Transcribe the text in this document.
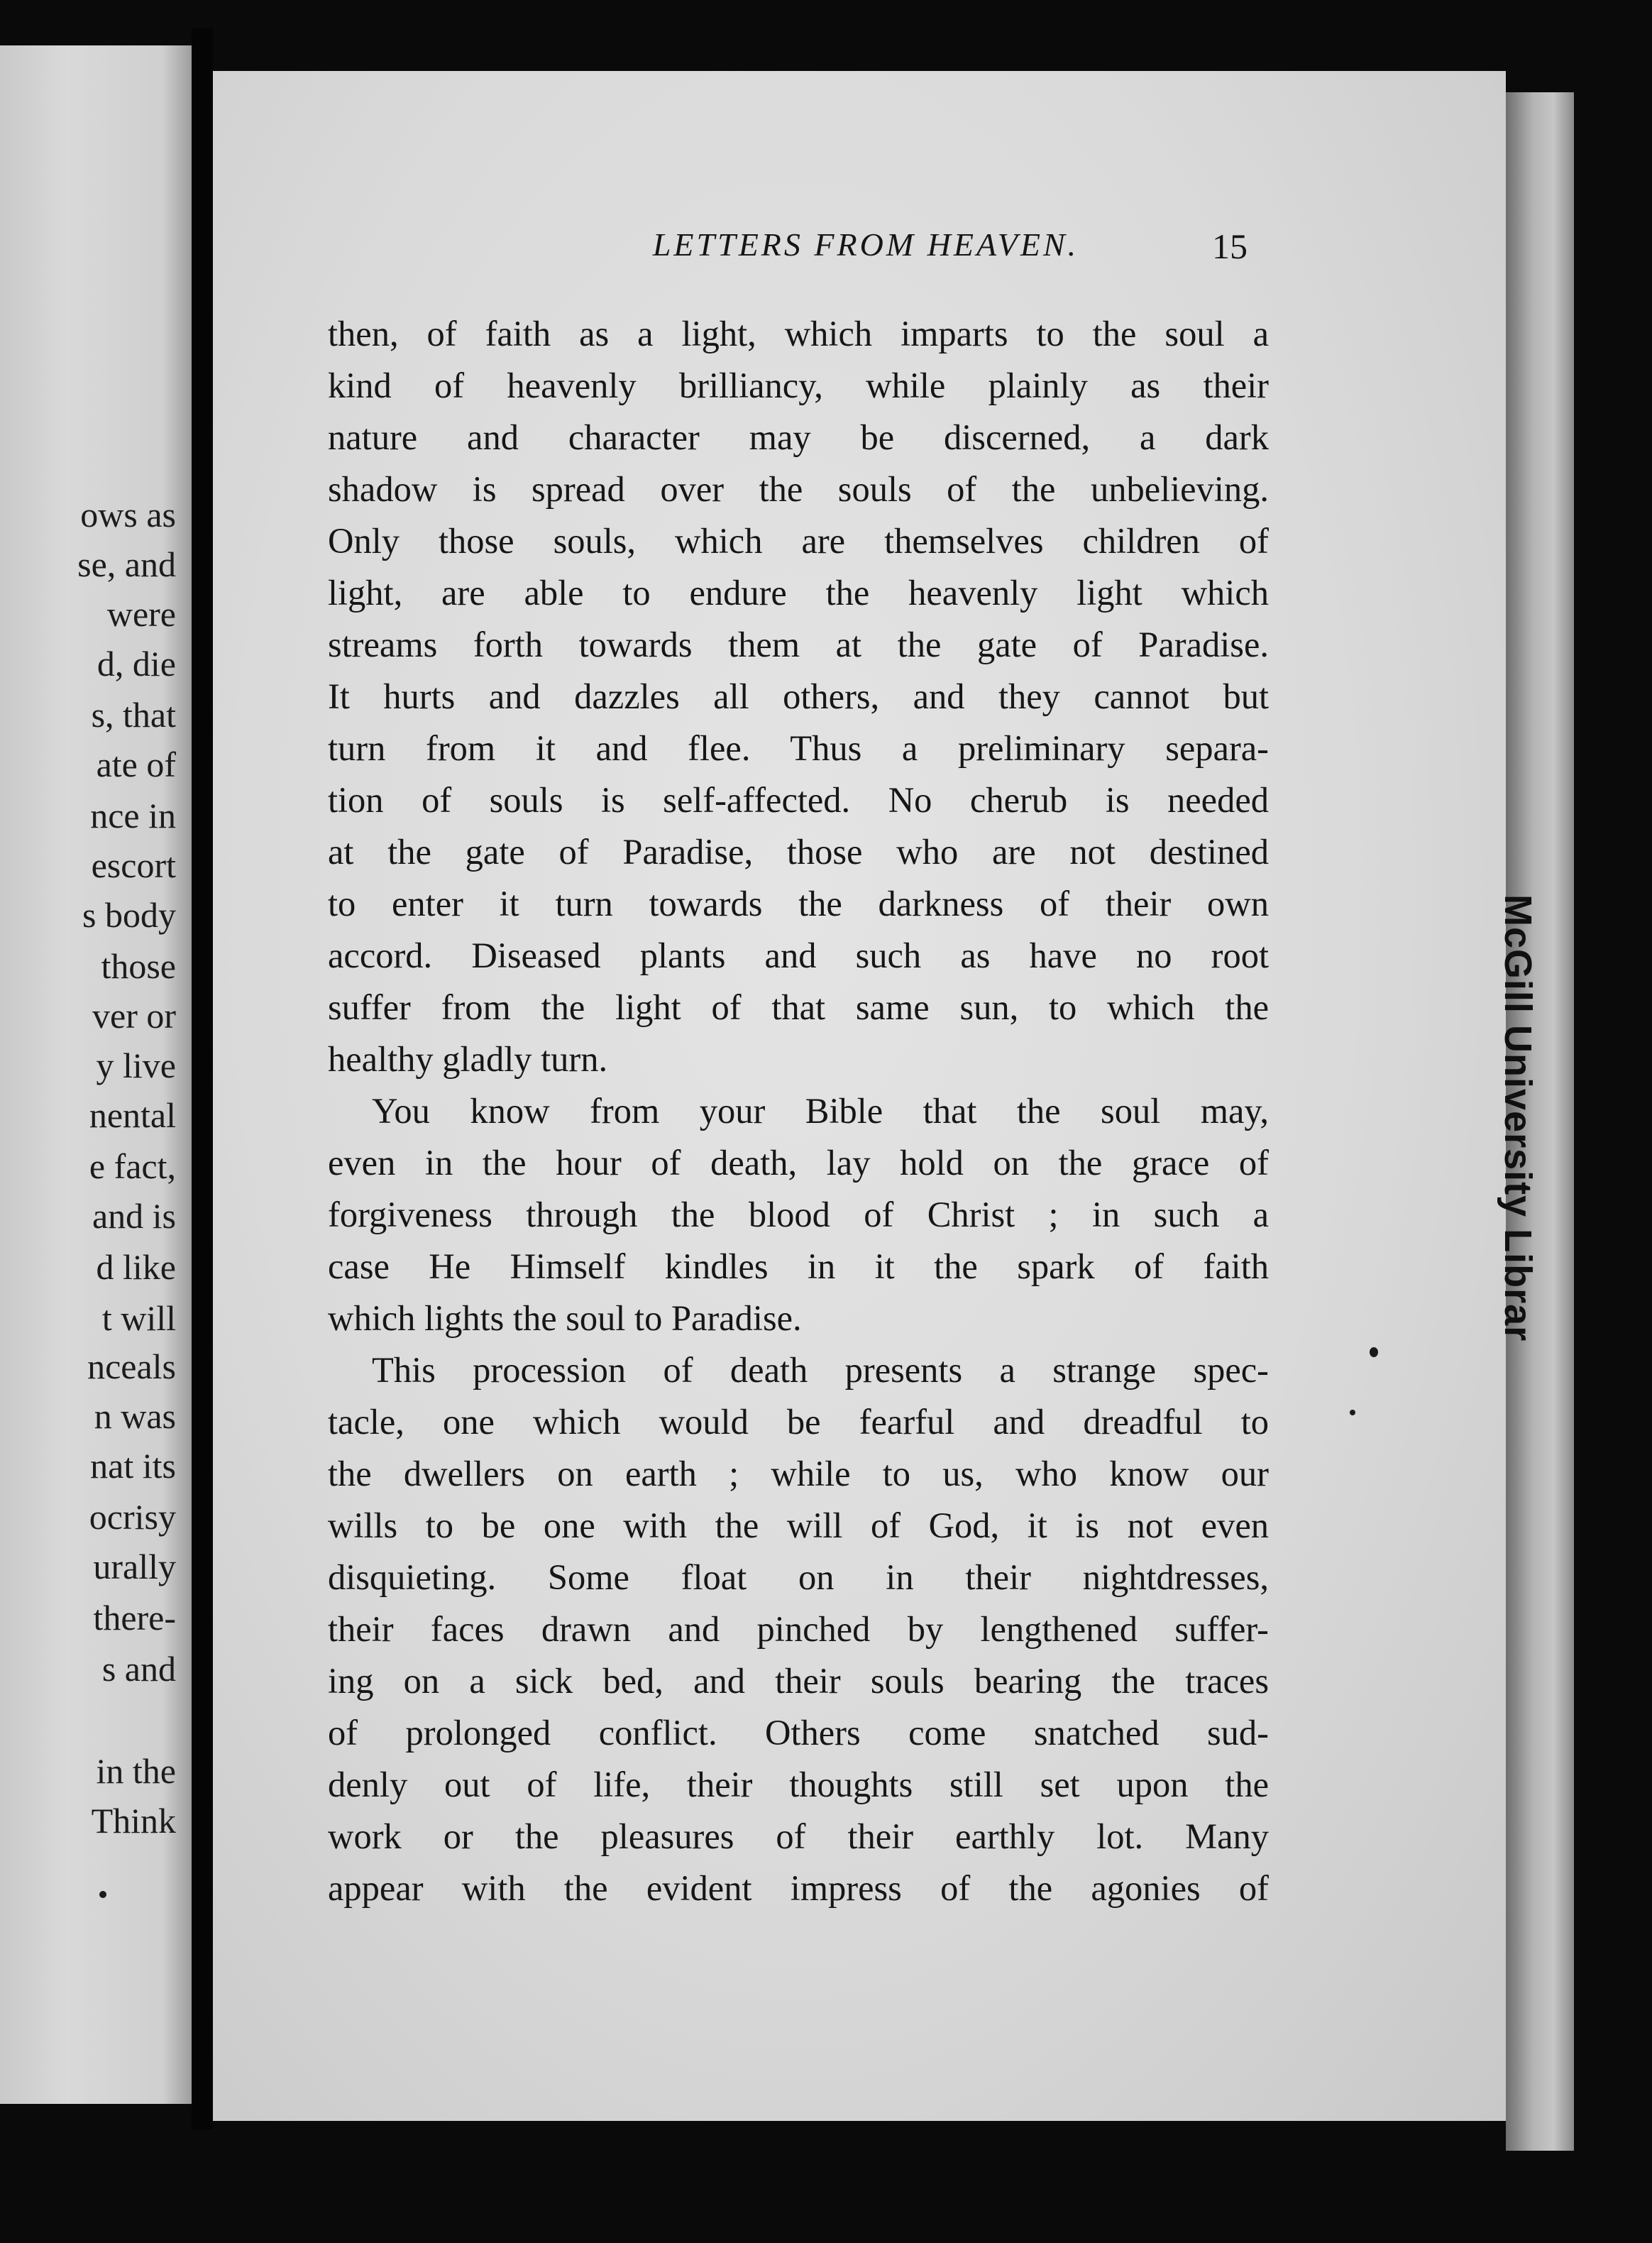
ows as
se, and
were
d, die
s, that
ate of
nce in
escort
s body
those
ver or
y live
nental
e fact,
and is
d like
t will
nceals
n was
nat its
ocrisy
urally
there-
s and
in the
Think
LETTERS FROM HEAVEN.	15
then, of faith as a light, which imparts to the soul a
kind of heavenly brilliancy, while plainly as their
nature and character may be discerned, a dark
shadow is spread over the souls of the unbelieving.
Only those souls, which are themselves children of
light, are able to endure the heavenly light which
streams forth towards them at the gate of Paradise.
It hurts and dazzles all others, and they cannot but
turn from it and flee. Thus a preliminary separa-
tion of souls is self-affected. No cherub is needed
at the gate of Paradise, those who are not destined
to enter it turn towards the darkness of their own
accord. Diseased plants and such as have no root
suffer from the light of that same sun, to which the
healthy gladly turn.
You know from your Bible that the soul may,
even in the hour of death, lay hold on the grace of
forgiveness through the blood of Christ ; in such a
case He Himself kindles in it the spark of faith
which lights the soul to Paradise.
This procession of death presents a strange spec-
tacle, one which would be fearful and dreadful to
the dwellers on earth ; while to us, who know our
wills to be one with the will of God, it is not even
disquieting. Some float on in their nightdresses,
their faces drawn and pinched by lengthened suffer-
ing on a sick bed, and their souls bearing the traces
of prolonged conflict. Others come snatched sud-
denly out of life, their thoughts still set upon the
work or the pleasures of their earthly lot. Many
appear with the evident impress of the agonies of
McGill University Librar
